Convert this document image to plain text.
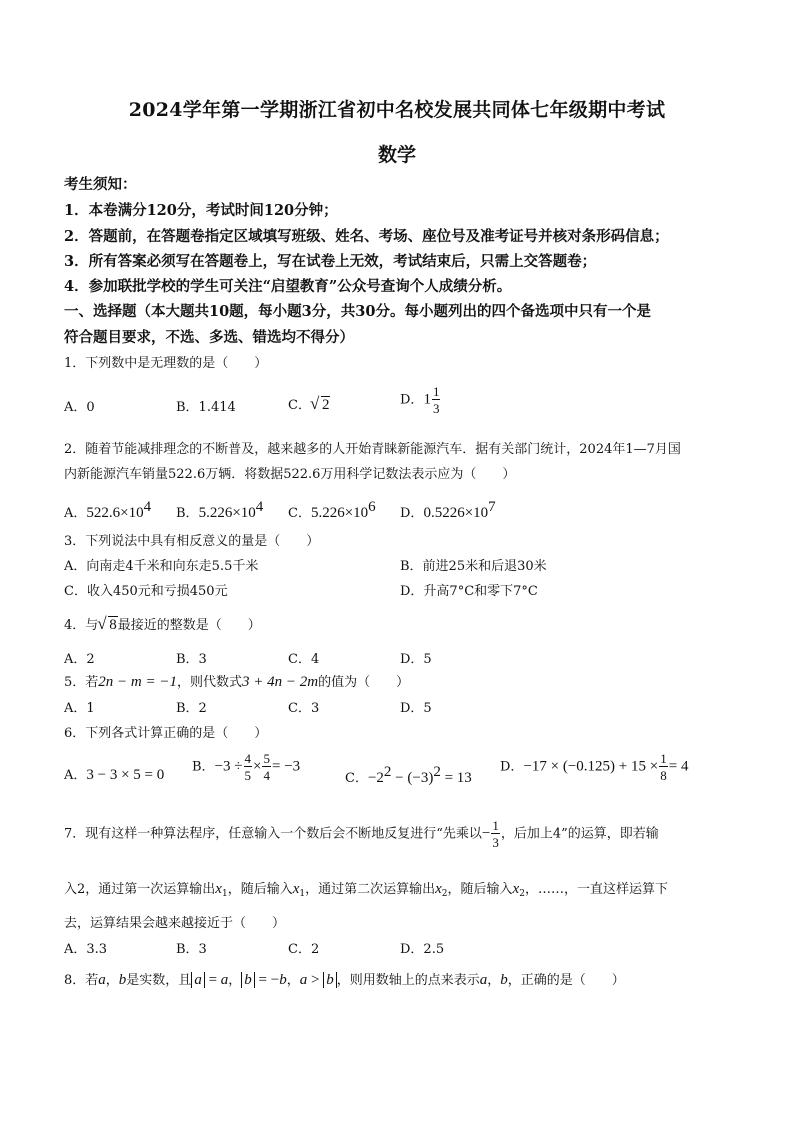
2024学年第一学期浙江省初中名校发展共同体七年级期中考试
数学
考生须知：
1．本卷满分120分，考试时间120分钟；
2．答题前，在答题卷指定区域填写班级、姓名、考场、座位号及准考证号并核对条形码信息；
3．所有答案必须写在答题卷上，写在试卷上无效，考试结束后，只需上交答题卷；
4．参加联批学校的学生可关注“启望教育”公众号查询个人成绩分析。
一、选择题（本大题共10题，每小题3分，共30分。每小题列出的四个备选项中只有一个是
符合题目要求，不选、多选、错选均不得分）
1．下列数中是无理数的是（　　）
A．0	B．1.414	C． √ 2	D．$1 \frac{1}{3}$
2．随着节能减排理念的不断普及，越来越多的人开始青睐新能源汽车．据有关部门统计，2024年1—7月国
内新能源汽车销量522.6万辆．将数据522.6万用科学记数法表示应为（　　）
A．$522.6\times 10^4$ B．$5.226\times 10^4$ C．$5.226\times 10^6$ D．$0.5226\times 10^7$
3．下列说法中具有相反意义的量是（　　）
A．向南走4千米和向东走5.5千米	B．前进25米和后退30米
C．收入450元和亏损450元	D．升高7°C和零下7°C
4．与 √ 8最接近的整数是（　　）
A．2	B．3	C．4	D．5
5．若2n − m = −1，则代数式3 + 4n − 2m的值为（　　）
A．1	B．2	C．3	D．5
6．下列各式计算正确的是（　　）
A．3 − 3 × 5 = 0 B．$-3 \div \frac{4}{5} \times \frac{5}{4} = -3$
C．$-2^2 - (-3)^2 = 13$
D．$-17 \times (-0.125) + 15 \times \frac{1}{8} = 4$
7．现有这样一种算法程序，任意输入一个数后会不断地反复进行“先乘以− $\frac{1}{3}$ ，后加上4”的运算，即若输
入2，通过第一次运算输出$x_1$，随后输入$x_1$，通过第二次运算输出$x_2$，随后输入$x_2$，……，一直这样运算下
去，运算结果会越来越接近于（　　）
A．3.3	B．3	C．2	D．2.5
8．若a，b是实数，且 a = a， b = −b，a > b ，则用数轴上的点来表示a，b，正确的是（　　）
